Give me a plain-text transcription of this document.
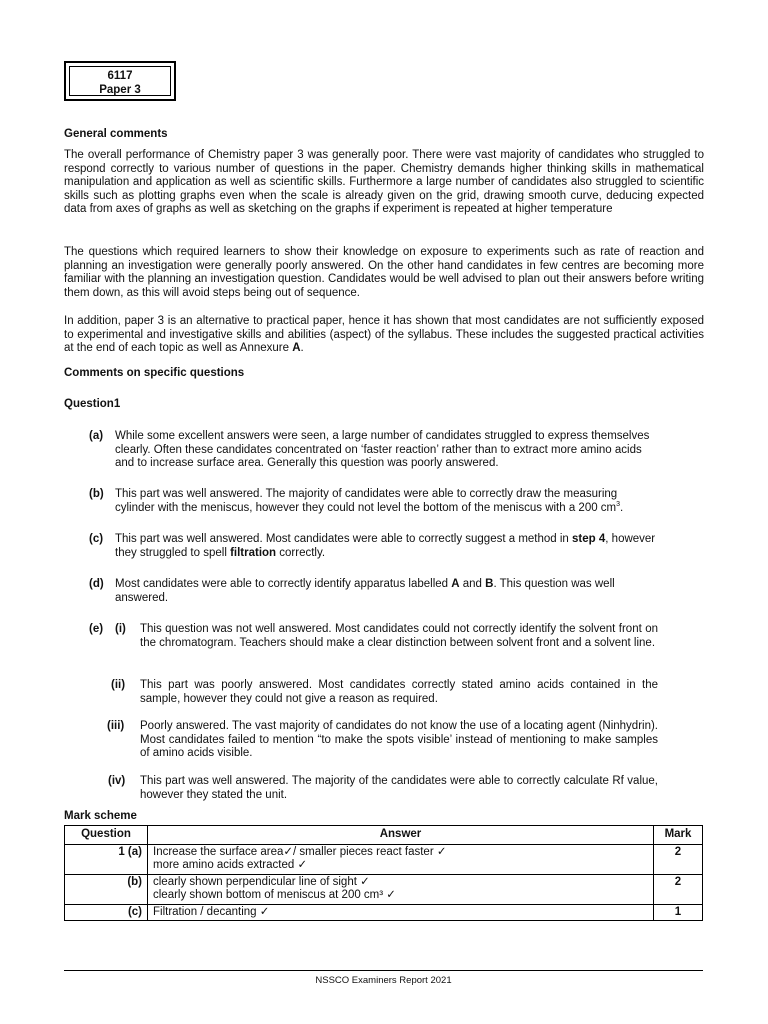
6117
Paper 3
General comments
The overall performance of Chemistry paper 3 was generally poor. There were vast majority of candidates who struggled to respond correctly to various number of questions in the paper. Chemistry demands higher thinking skills in mathematical manipulation and application as well as scientific skills. Furthermore a large number of candidates also struggled to scientific skills such as plotting graphs even when the scale is already given on the grid, drawing smooth curve, deducing expected data from axes of graphs as well as sketching on the graphs if experiment is repeated at higher temperature
The questions which required learners to show their knowledge on exposure to experiments such as rate of reaction and planning an investigation were generally poorly answered. On the other hand candidates in few centres are becoming more familiar with the planning an investigation question. Candidates would be well advised to plan out their answers before writing them down, as this will avoid steps being out of sequence.
In addition, paper 3 is an alternative to practical paper, hence it has shown that most candidates are not sufficiently exposed to experimental and investigative skills and abilities (aspect) of the syllabus. These includes the suggested practical activities at the end of each topic as well as Annexure A.
Comments on specific questions
Question1
(a) While some excellent answers were seen, a large number of candidates struggled to express themselves clearly. Often these candidates concentrated on ‘faster reaction’ rather than to extract more amino acids and to increase surface area. Generally this question was poorly answered.
(b) This part was well answered. The majority of candidates were able to correctly draw the measuring cylinder with the meniscus, however they could not level the bottom of the meniscus with a 200 $cm^3$.
(c) This part was well answered. Most candidates were able to correctly suggest a method in step 4, however they struggled to spell filtration correctly.
(d) Most candidates were able to correctly identify apparatus labelled A and B. This question was well answered.
(e) (i) This question was not well answered. Most candidates could not correctly identify the solvent front on the chromatogram. Teachers should make a clear distinction between solvent front and a solvent line.
(ii) This part was poorly answered. Most candidates correctly stated amino acids contained in the sample, however they could not give a reason as required.
(iii) Poorly answered. The vast majority of candidates do not know the use of a locating agent (Ninhydrin). Most candidates failed to mention “to make the spots visible’ instead of mentioning to make samples of amino acids visible.
(iv) This part was well answered. The majority of the candidates were able to correctly calculate Rf value, however they stated the unit.
Mark scheme
Question	Answer	Mark
1 (a)	Increase the surface area✓/ smaller pieces react faster ✓
more amino acids extracted ✓	2
(b)	clearly shown perpendicular line of sight ✓
clearly shown bottom of meniscus at 200 cm³ ✓	2
(c)	Filtration / decanting ✓	1
NSSCO Examiners Report 2021
